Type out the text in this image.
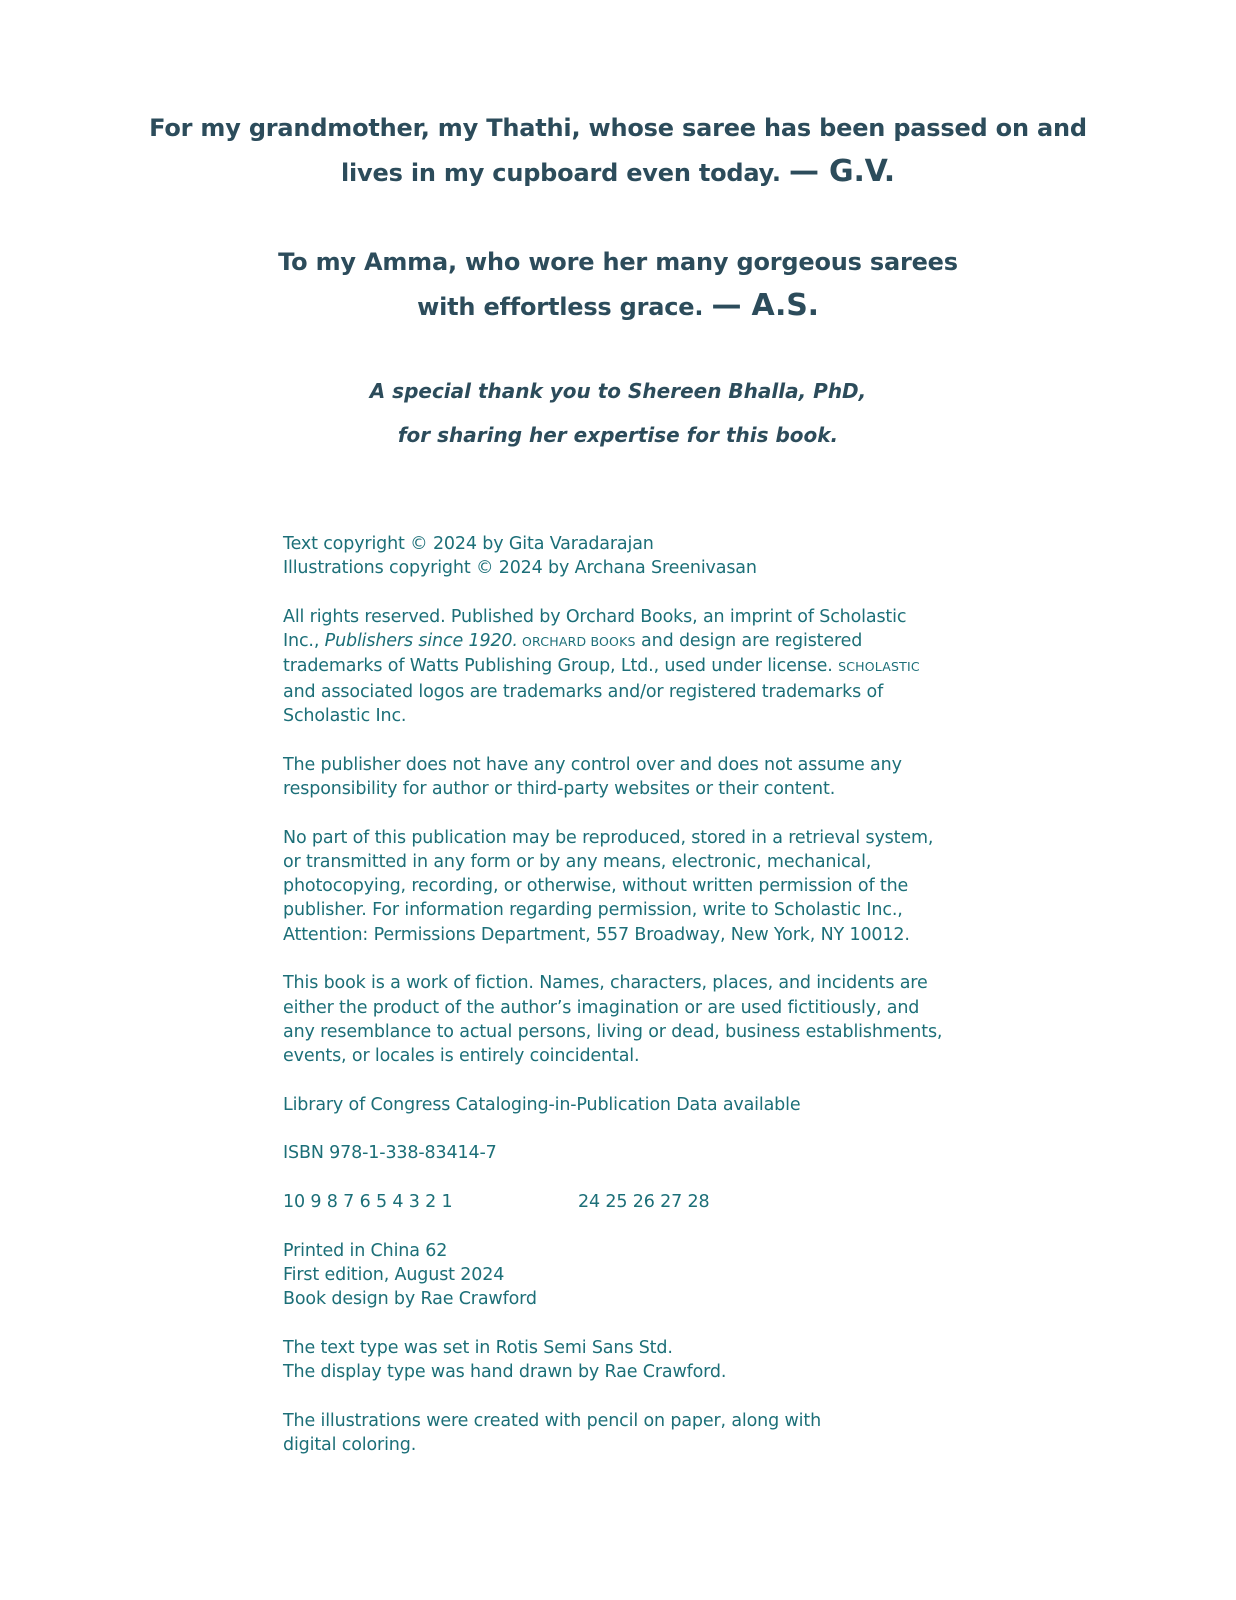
For my grandmother, my Thathi, whose saree has been passed on and
lives in my cupboard even today. — G.V.
To my Amma, who wore her many gorgeous sarees
with effortless grace. — A.S.
A special thank you to Shereen Bhalla, PhD,
for sharing her expertise for this book.
Text copyright © 2024 by Gita Varadarajan
Illustrations copyright © 2024 by Archana Sreenivasan
All rights reserved. Published by Orchard Books, an imprint of Scholastic
Inc., Publishers since 1920. ORCHARD BOOKS and design are registered
trademarks of Watts Publishing Group, Ltd., used under license. SCHOLASTIC
and associated logos are trademarks and/or registered trademarks of
Scholastic Inc.
The publisher does not have any control over and does not assume any
responsibility for author or third-party websites or their content.
No part of this publication may be reproduced, stored in a retrieval system,
or transmitted in any form or by any means, electronic, mechanical,
photocopying, recording, or otherwise, without written permission of the
publisher. For information regarding permission, write to Scholastic Inc.,
Attention: Permissions Department, 557 Broadway, New York, NY 10012.
This book is a work of fiction. Names, characters, places, and incidents are
either the product of the author’s imagination or are used fictitiously, and
any resemblance to actual persons, living or dead, business establishments,
events, or locales is entirely coincidental.
Library of Congress Cataloging-in-Publication Data available
ISBN 978-1-338-83414-7
10 9 8 7 6 5 4 3 2 1	24 25 26 27 28
Printed in China 62
First edition, August 2024
Book design by Rae Crawford
The text type was set in Rotis Semi Sans Std.
The display type was hand drawn by Rae Crawford.
The illustrations were created with pencil on paper, along with
digital coloring.
